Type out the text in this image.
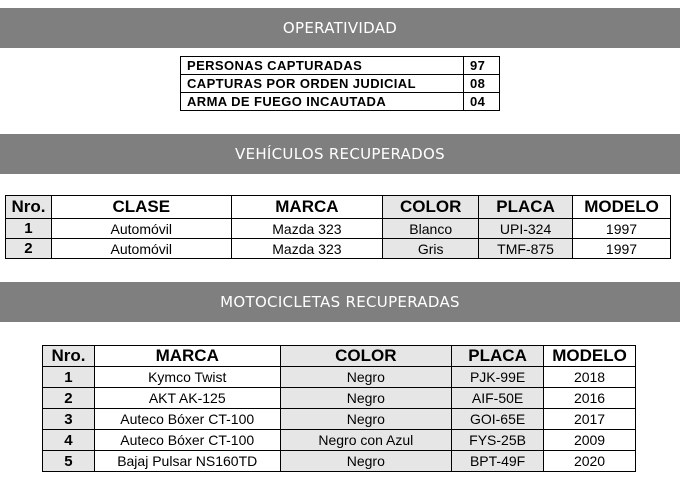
OPERATIVIDAD
PERSONAS CAPTURADAS	97
CAPTURAS POR ORDEN JUDICIAL	08
ARMA DE FUEGO INCAUTADA	04
VEHÍCULOS RECUPERADOS
Nro.	CLASE	MARCA	COLOR	PLACA	MODELO
1	Automóvil	Mazda 323	Blanco	UPI-324	1997
2	Automóvil	Mazda 323	Gris	TMF-875	1997
MOTOCICLETAS RECUPERADAS
Nro.	MARCA	COLOR	PLACA	MODELO
1	Kymco Twist	Negro	PJK-99E	2018
2	AKT AK-125	Negro	AIF-50E	2016
3	Auteco Bóxer CT-100	Negro	GOI-65E	2017
4	Auteco Bóxer CT-100	Negro con Azul	FYS-25B	2009
5	Bajaj Pulsar NS160TD	Negro	BPT-49F	2020
